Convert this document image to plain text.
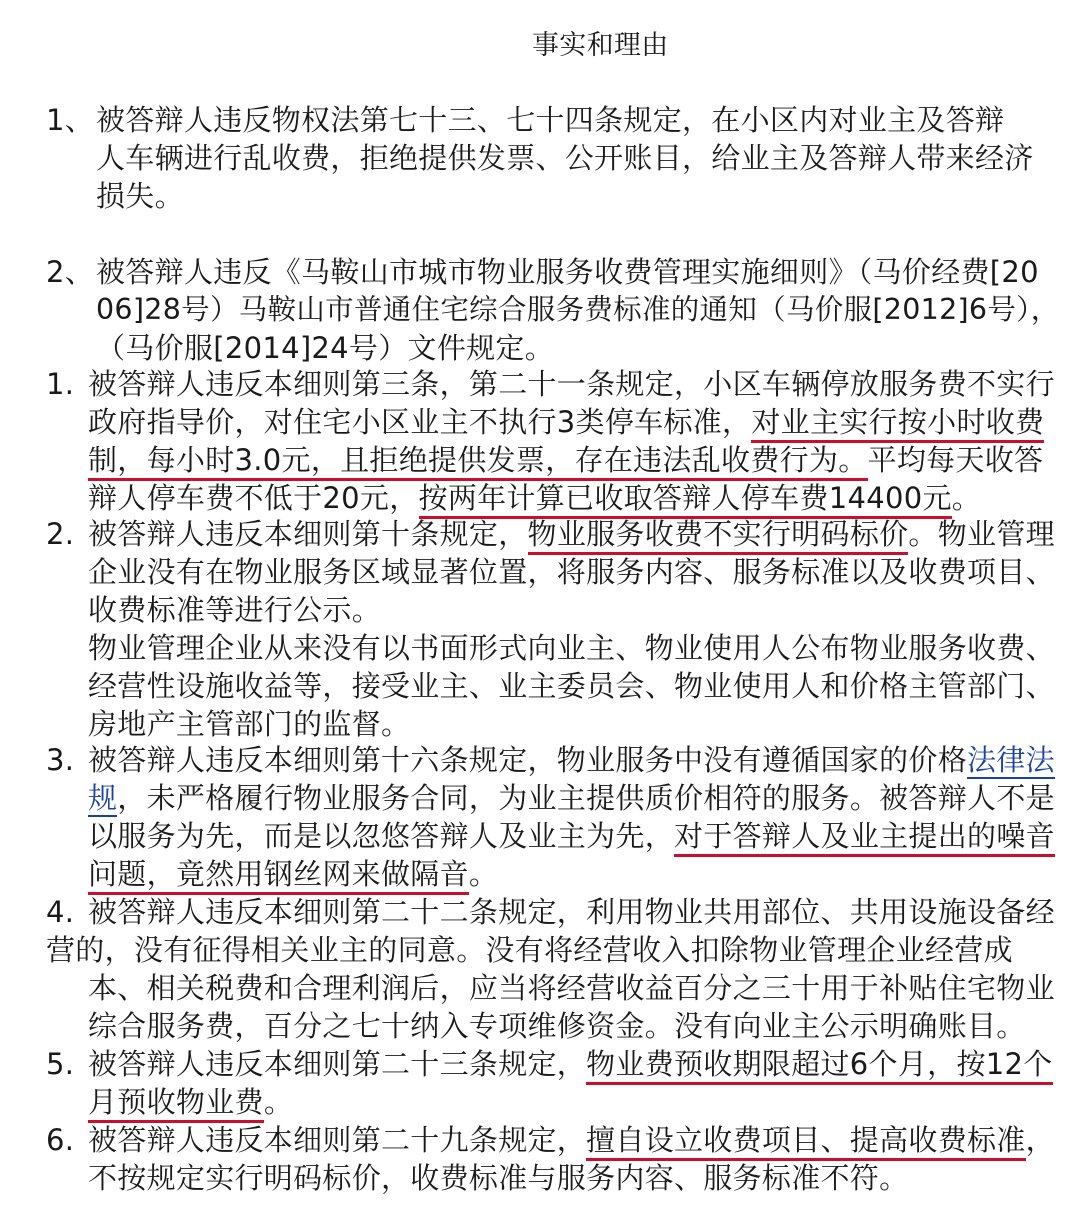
事实和理由
1、 被答辩人违反物权法第七十三、七十四条规定，在小区内对业主及答辩
人车辆进行乱收费，拒绝提供发票、公开账目，给业主及答辩人带来经济
损失。
2、 被答辩人违反《马鞍山市城市物业服务收费管理实施细则》（马价经费[20
06]28号）马鞍山市普通住宅综合服务费标准的通知（马价服[2012]6号），
（马价服[2014]24号）文件规定。
1. 被答辩人违反本细则第三条，第二十一条规定，小区车辆停放服务费不实行
政府指导价，对住宅小区业主不执行3类停车标准，对业主实行按小时收费
制，每小时3.0元，且拒绝提供发票，存在违法乱收费行为。平均每天收答
辩人停车费不低于20元，按两年计算已收取答辩人停车费14400元。
2. 被答辩人违反本细则第十条规定，物业服务收费不实行明码标价。物业管理
企业没有在物业服务区域显著位置，将服务内容、服务标准以及收费项目、
收费标准等进行公示。
物业管理企业从来没有以书面形式向业主、物业使用人公布物业服务收费、
经营性设施收益等，接受业主、业主委员会、物业使用人和价格主管部门、
房地产主管部门的监督。
3. 被答辩人违反本细则第十六条规定，物业服务中没有遵循国家的价格法律法
规，未严格履行物业服务合同，为业主提供质价相符的服务。被答辩人不是
以服务为先，而是以忽悠答辩人及业主为先，对于答辩人及业主提出的噪音
问题，竟然用钢丝网来做隔音。
4. 被答辩人违反本细则第二十二条规定，利用物业共用部位、共用设施设备经
营的，没有征得相关业主的同意。没有将经营收入扣除物业管理企业经营成
本、相关税费和合理利润后，应当将经营收益百分之三十用于补贴住宅物业
综合服务费，百分之七十纳入专项维修资金。没有向业主公示明确账目。
5. 被答辩人违反本细则第二十三条规定，物业费预收期限超过6个月，按12个
月预收物业费。
6. 被答辩人违反本细则第二十九条规定，擅自设立收费项目、提高收费标准，
不按规定实行明码标价，收费标准与服务内容、服务标准不符。
